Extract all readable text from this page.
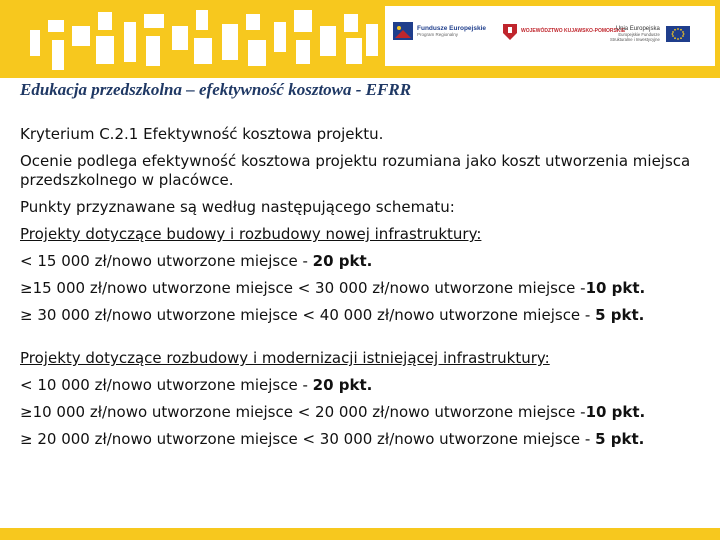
Fundusze Europejskie
Program Regionalny
WOJEWÓDZTWO KUJAWSKO-POMORSKIE
Unia Europejska
Europejskie Fundusze
Strukturalne i Inwestycyjne
Edukacja przedszkolna – efektywność kosztowa - EFRR

Kryterium C.2.1 Efektywność kosztowa projektu.

Ocenie podlega efektywność kosztowa projektu rozumiana jako koszt utworzenia miejsca przedszkolnego w placówce.

Punkty przyznawane są według następującego schematu:

Projekty dotyczące budowy i rozbudowy nowej infrastruktury:

< 15 000 zł/nowo utworzone miejsce - 20 pkt.

≥15 000 zł/nowo utworzone miejsce < 30 000 zł/nowo utworzone miejsce -10 pkt.

≥ 30 000 zł/nowo utworzone miejsce < 40 000 zł/nowo utworzone miejsce - 5 pkt.

Projekty dotyczące rozbudowy i modernizacji istniejącej infrastruktury:

< 10 000 zł/nowo utworzone miejsce - 20 pkt.

≥10 000 zł/nowo utworzone miejsce < 20 000 zł/nowo utworzone miejsce -10 pkt.

≥ 20 000 zł/nowo utworzone miejsce < 30 000 zł/nowo utworzone miejsce - 5 pkt.
